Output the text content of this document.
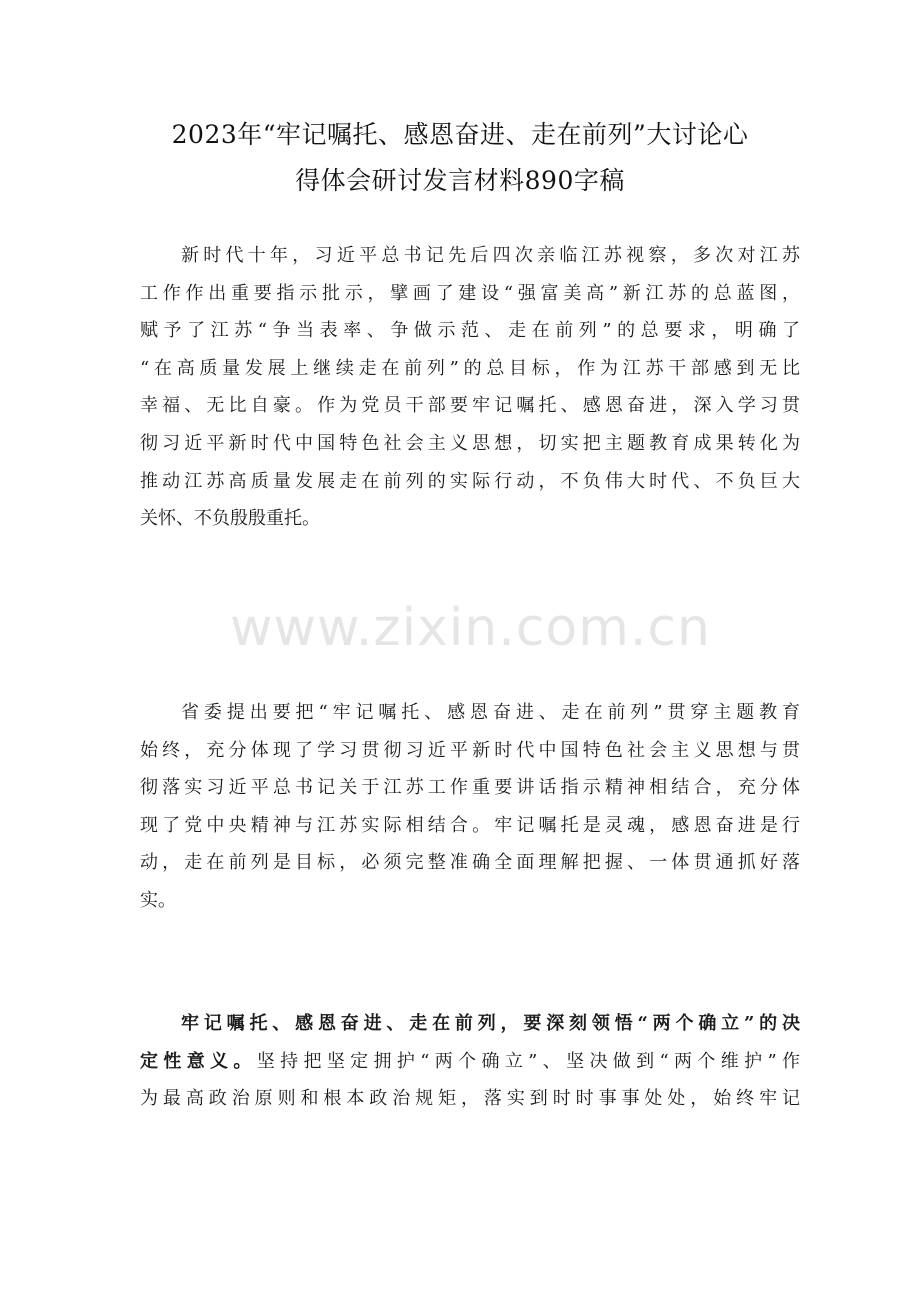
2023年“牢记嘱托、感恩奋进、走在前列”大讨论心
得体会研讨发言材料890字稿
新时代十年，习近平总书记先后四次亲临江苏视察，多次对江苏
工作作出重要指示批示，擘画了建设“强富美高”新江苏的总蓝图，
赋予了江苏“争当表率、争做示范、走在前列”的总要求，明确了
“在高质量发展上继续走在前列”的总目标，作为江苏干部感到无比
幸福、无比自豪。作为党员干部要牢记嘱托、感恩奋进，深入学习贯
彻习近平新时代中国特色社会主义思想，切实把主题教育成果转化为
推动江苏高质量发展走在前列的实际行动，不负伟大时代、不负巨大
关怀、不负殷殷重托。
www.zixin.com.cn
省委提出要把“牢记嘱托、感恩奋进、走在前列”贯穿主题教育
始终，充分体现了学习贯彻习近平新时代中国特色社会主义思想与贯
彻落实习近平总书记关于江苏工作重要讲话指示精神相结合，充分体
现了党中央精神与江苏实际相结合。牢记嘱托是灵魂，感恩奋进是行
动，走在前列是目标，必须完整准确全面理解把握、一体贯通抓好落
实。
牢记嘱托、感恩奋进、走在前列，要深刻领悟“两个确立”的决
定性意义。坚持把坚定拥护“两个确立”、坚决做到“两个维护”作
为最高政治原则和根本政治规矩，落实到时时事事处处，始终牢记
